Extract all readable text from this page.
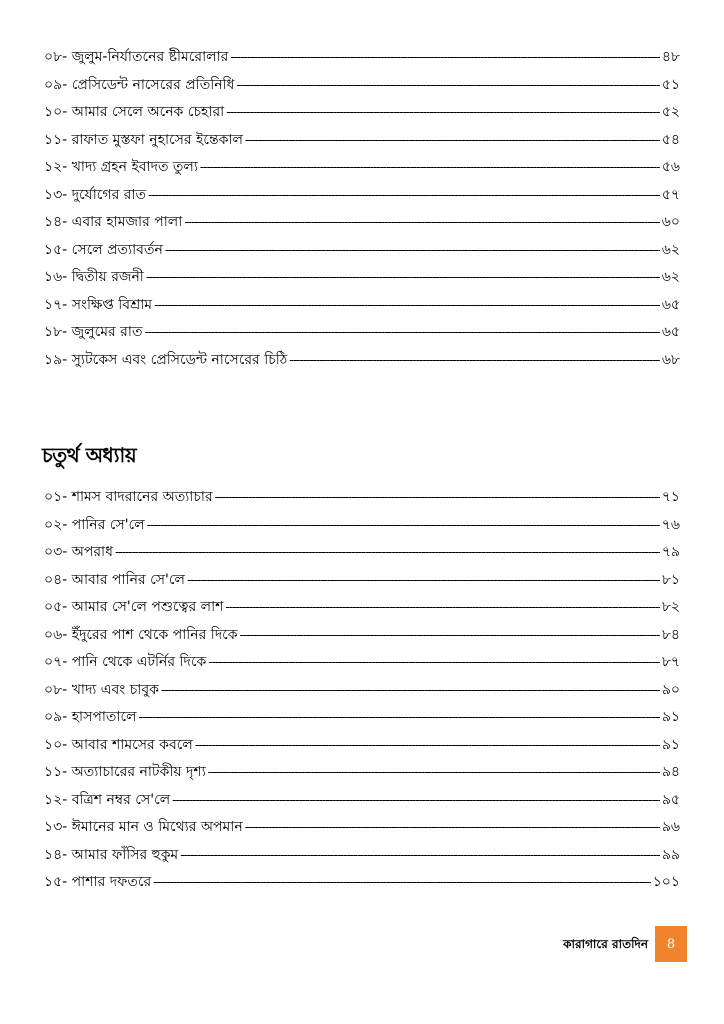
০৮- জুলুম-নির্যাতনের ষ্টীমরোলার -----	৪৮
০৯- প্রেসিডেন্ট নাসেরের প্রতিনিধি -----	৫১
১০- আমার সেলে অনেক চেহারা -----	৫২
১১- রাফাত মুস্তফা নুহাসের ইন্তেকাল -----	৫৪
১২- খাদ্য গ্রহন ইবাদত তুল্য -----	৫৬
১৩- দুর্যোগের রাত -----	৫৭
১৪- এবার হামজার পালা -----	৬০
১৫- সেলে প্রত্যাবর্তন -----	৬২
১৬- দ্বিতীয় রজনী -----	৬২
১৭- সংক্ষিপ্ত বিশ্রাম -----	৬৫
১৮- জুলুমের রাত -----	৬৫
১৯- স্যুটকেস এবং প্রেসিডেন্ট নাসেরের চিঠি -----	৬৮
চতুর্থ অধ্যায়
০১- শামস বাদরানের অত্যাচার -----	৭১
০২- পানির সে'লে -----	৭৬
০৩- অপরাধ -----	৭৯
০৪- আবার পানির সে'লে -----	৮১
০৫- আমার সে'লে পশুত্বের লাশ -----	৮২
০৬- ইঁদুরের পাশ থেকে পানির দিকে -----	৮৪
০৭- পানি থেকে এটর্নির দিকে -----	৮৭
০৮- খাদ্য এবং চাবুক -----	৯০
০৯- হাসপাতালে -----	৯১
১০- আবার শামসের কবলে -----	৯১
১১- অত্যাচারের নাটকীয় দৃশ্য -----	৯৪
১২- বত্রিশ নম্বর সে'লে -----	৯৫
১৩- ঈমানের মান ও মিথ্যের অপমান -----	৯৬
১৪- আমার ফাঁসির হুকুম -----	৯৯
১৫- পাশার দফতরে -----	১০১
কারাগারে রাতদিন	8
